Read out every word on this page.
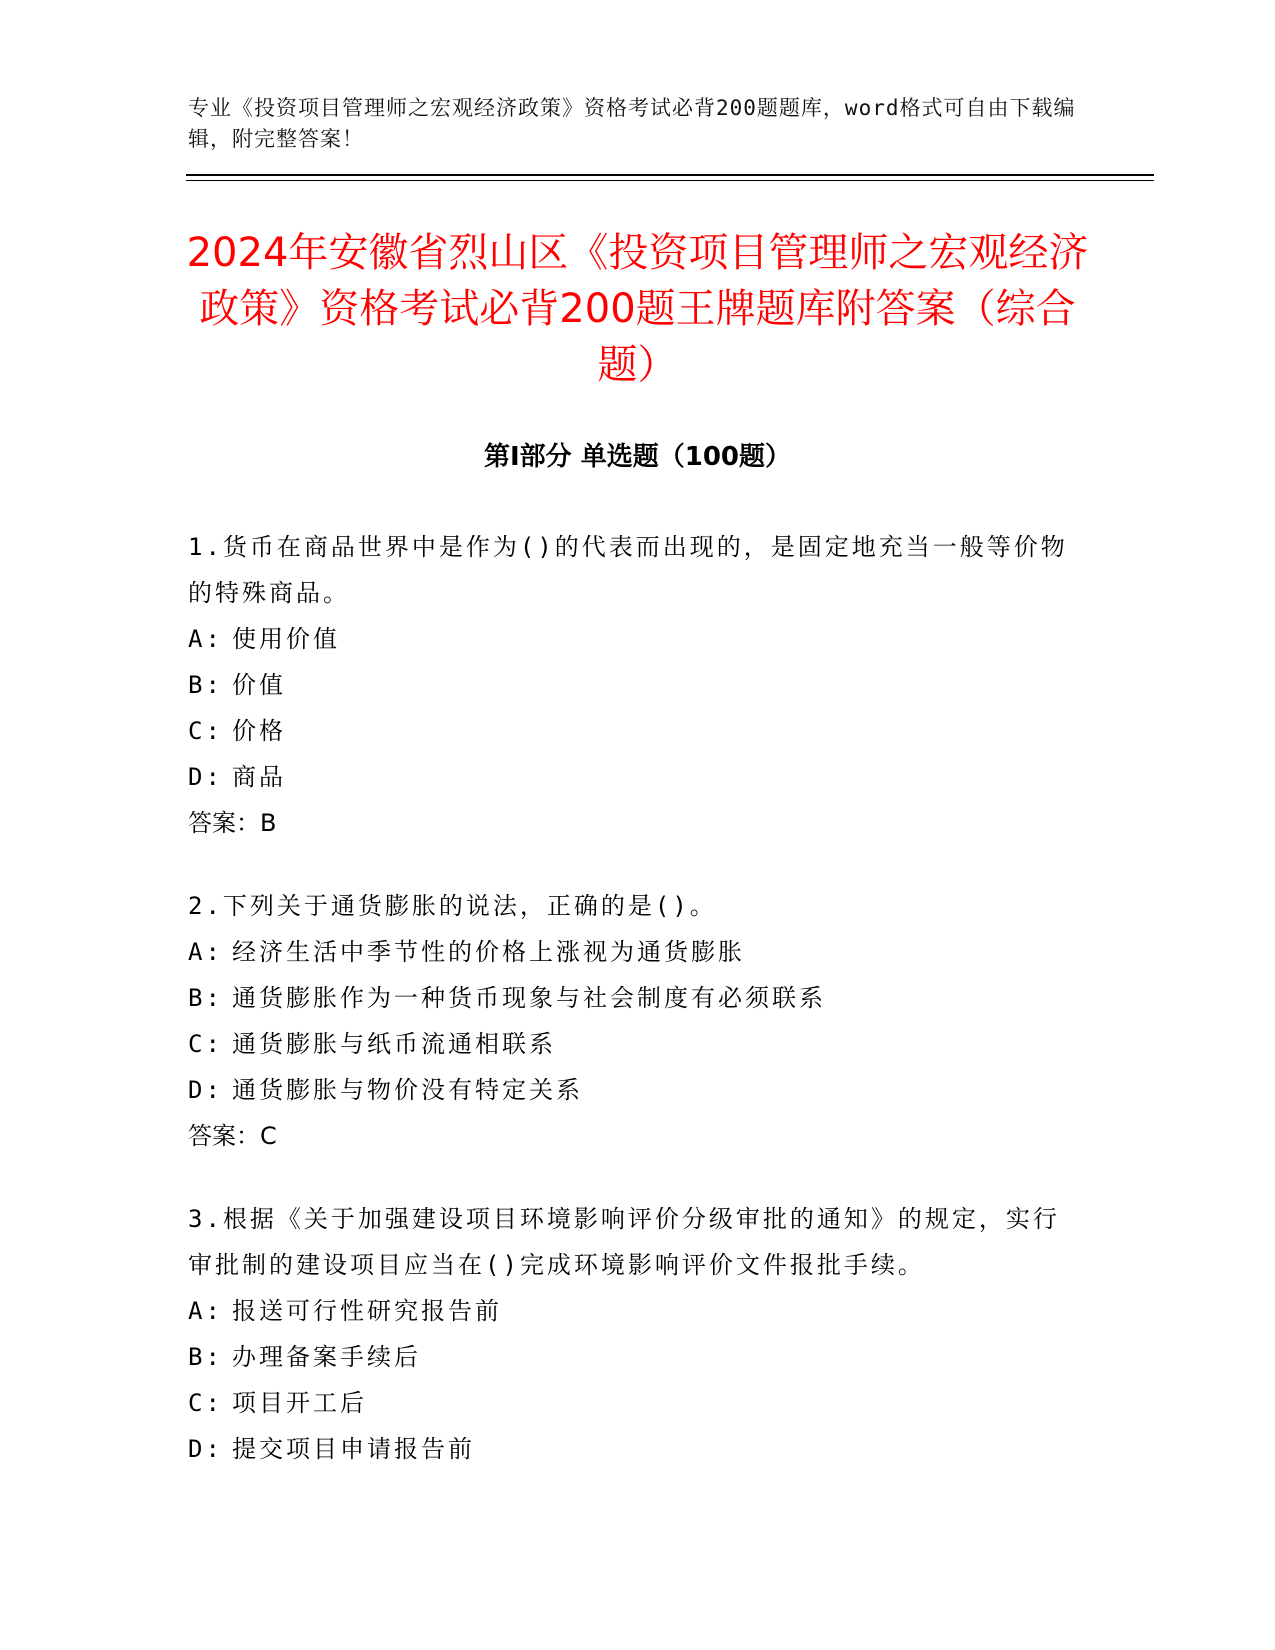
专业《投资项目管理师之宏观经济政策》资格考试必背200题题库，word格式可自由下载编辑，附完整答案！

2024年安徽省烈山区《投资项目管理师之宏观经济政策》资格考试必背200题王牌题库附答案（综合题）
第I部分 单选题（100题）

1.货币在商品世界中是作为()的代表而出现的，是固定地充当一般等价物的特殊商品。

A: 使用价值
B: 价值
C: 价格
D: 商品

答案：B

2.下列关于通货膨胀的说法，正确的是()。

A: 经济生活中季节性的价格上涨视为通货膨胀
B: 通货膨胀作为一种货币现象与社会制度有必须联系
C: 通货膨胀与纸币流通相联系
D: 通货膨胀与物价没有特定关系

答案：C

3.根据《关于加强建设项目环境影响评价分级审批的通知》的规定，实行审批制的建设项目应当在()完成环境影响评价文件报批手续。

A: 报送可行性研究报告前
B: 办理备案手续后
C: 项目开工后
D: 提交项目申请报告前
